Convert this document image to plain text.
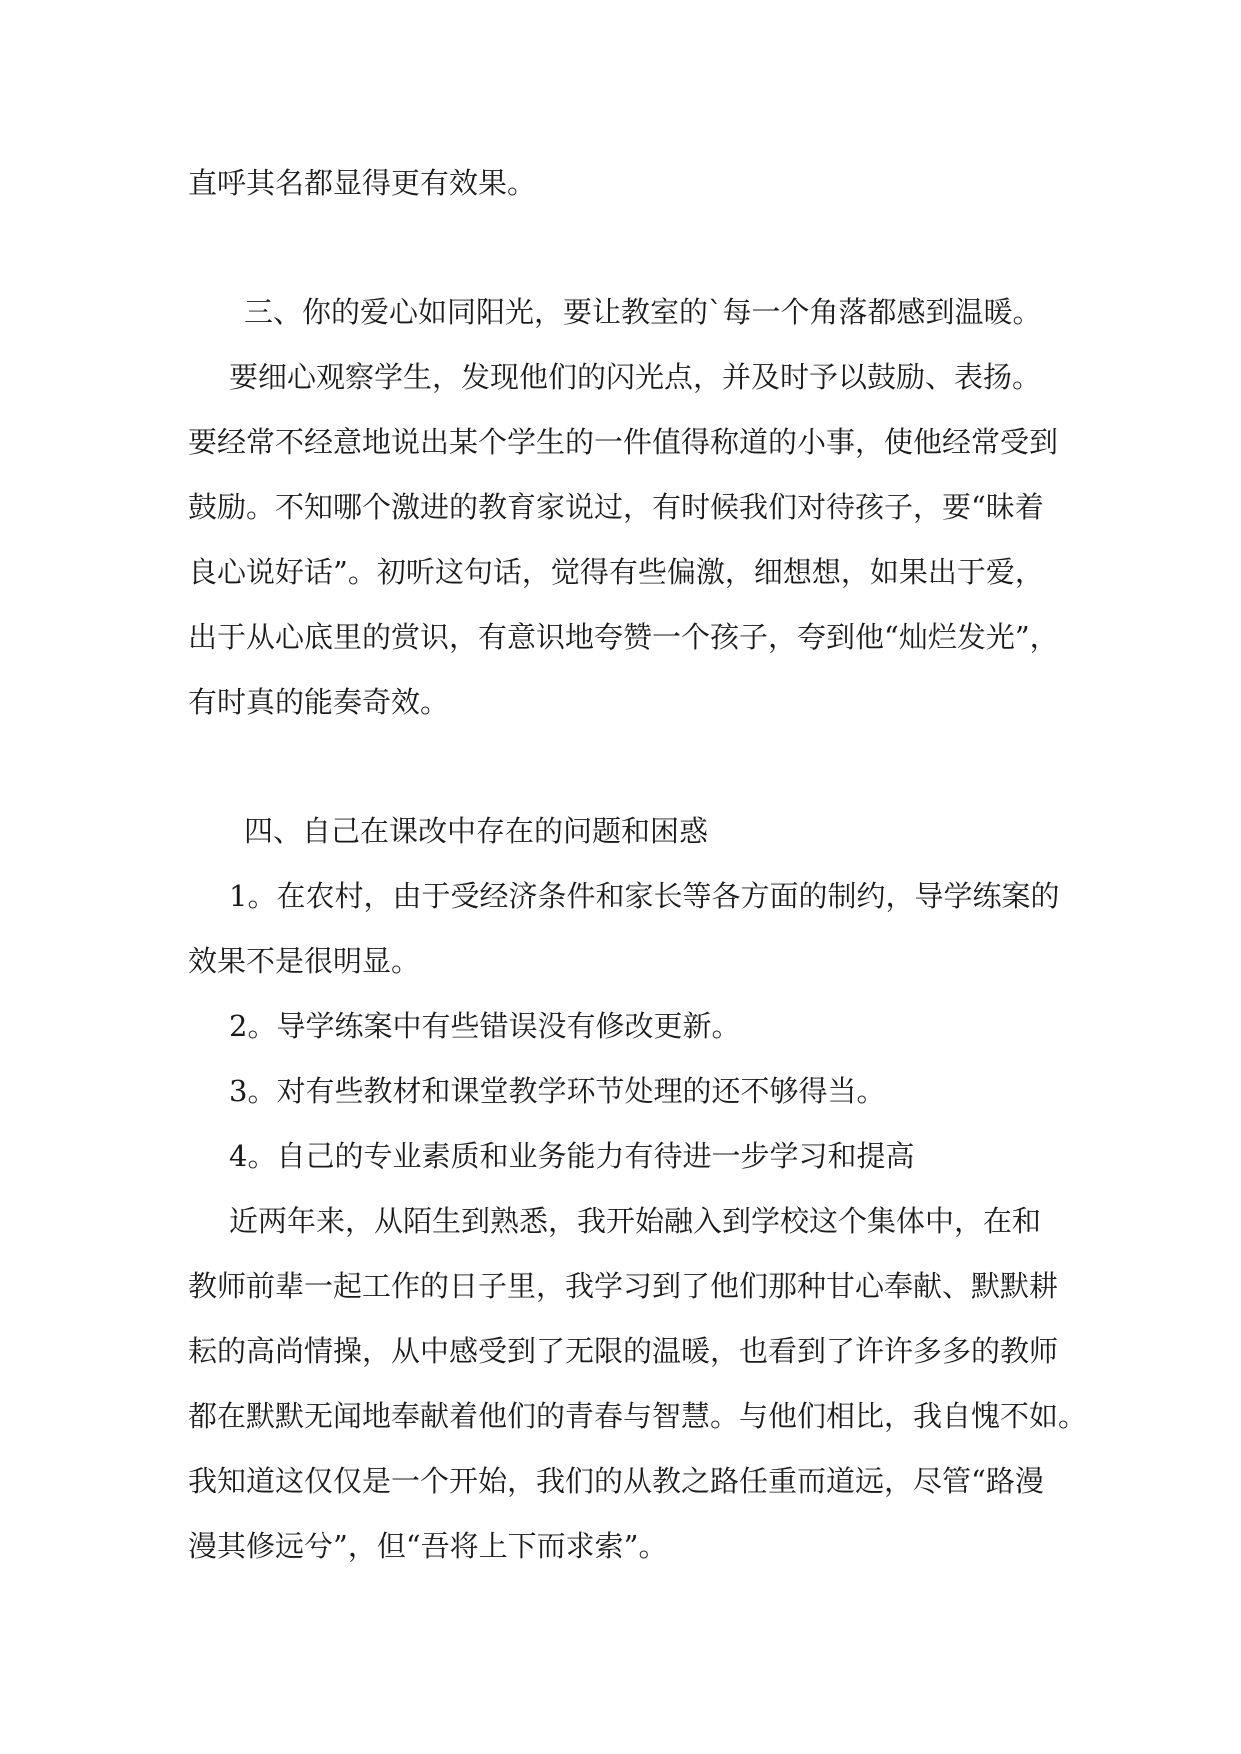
直呼其名都显得更有效果。

三、你的爱心如同阳光，要让教室的`每一个角落都感到温暖。

要细心观察学生，发现他们的闪光点，并及时予以鼓励、表扬。

要经常不经意地说出某个学生的一件值得称道的小事，使他经常受到

鼓励。不知哪个激进的教育家说过，有时候我们对待孩子，要“昧着

良心说好话”。初听这句话，觉得有些偏激，细想想，如果出于爱，

出于从心底里的赏识，有意识地夸赞一个孩子，夸到他“灿烂发光”，

有时真的能奏奇效。

四、自己在课改中存在的问题和困惑

1。在农村，由于受经济条件和家长等各方面的制约，导学练案的

效果不是很明显。

2。导学练案中有些错误没有修改更新。

3。对有些教材和课堂教学环节处理的还不够得当。

4。自己的专业素质和业务能力有待进一步学习和提高

近两年来，从陌生到熟悉，我开始融入到学校这个集体中，在和

教师前辈一起工作的日子里，我学习到了他们那种甘心奉献、默默耕

耘的高尚情操，从中感受到了无限的温暖，也看到了许许多多的教师

都在默默无闻地奉献着他们的青春与智慧。与他们相比，我自愧不如。

我知道这仅仅是一个开始，我们的从教之路任重而道远，尽管“路漫

漫其修远兮”，但“吾将上下而求索”。
